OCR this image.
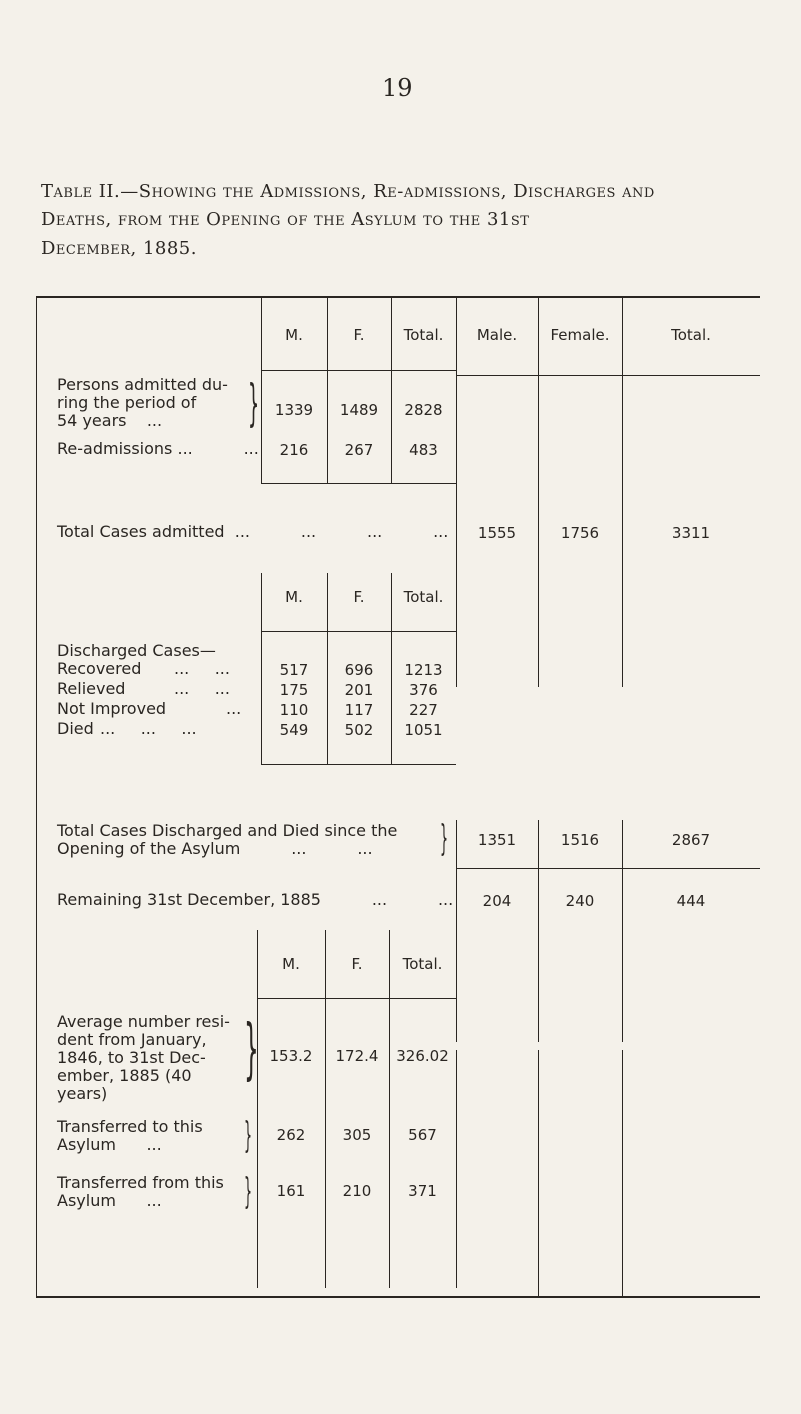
19
Table II.—Showing the Admissions, Re-admissions, Discharges and
Deaths, from the Opening of the Asylum to the 31st
December, 1885.
Male.	Female.	Total.
M.	F.	Total.
Persons admitted du-
ring the period of
54 years    ... }	1339	1489	2828
Re-admissions ...          ...	216	267	483
Total Cases admitted  ...          ...          ...          ...	1555	1756	3311
M.	F.	Total.
Discharged Cases—
Recovered ...     ...	517	696	1213
Relieved	...     ...	175	201	376
Not Improved	...	110	117	227
Died ...     ...     ...	549	502	1051
Total Cases Discharged and Died since the
Opening of the Asylum          ...          ... }	1351	1516	2867
Remaining 31st December, 1885          ...          ...	204	240	444
M.	F.	Total.
Average number resi-
dent from January,
1846, to 31st Dec-
ember, 1885 (40
years)
} 153.2	172.4	326.02
Transferred to this
Asylum      ... }	262	305	567
Transferred from this
Asylum      ... }	161	210	371
